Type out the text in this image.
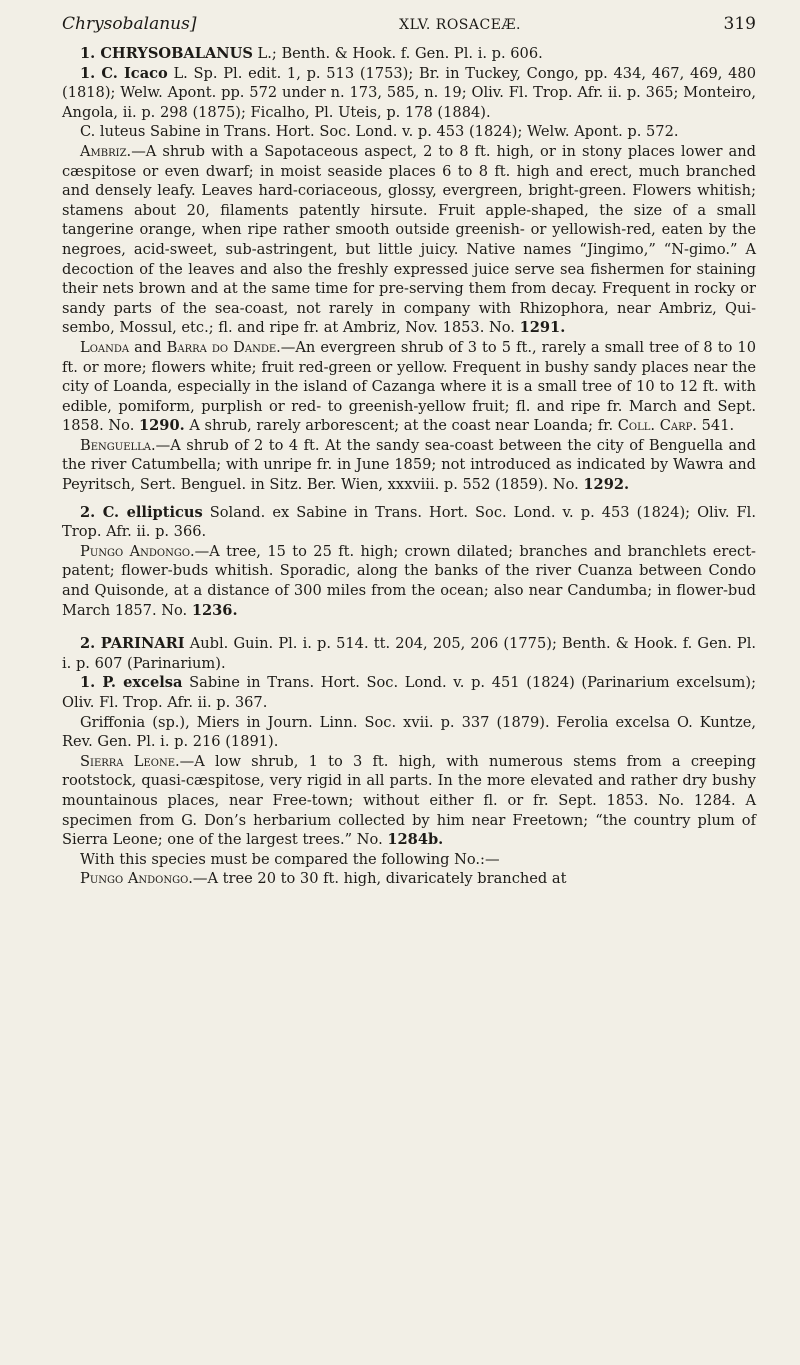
Chrysobalanus]	XLV. ROSACEÆ.	319

1. CHRYSOBALANUS L.; Benth. & Hook. f. Gen. Pl. i. p. 606.

1. C. Icaco L. Sp. Pl. edit. 1, p. 513 (1753); Br. in Tuckey, Congo, pp. 434, 467, 469, 480 (1818); Welw. Apont. pp. 572 under n. 173, 585, n. 19; Oliv. Fl. Trop. Afr. ii. p. 365; Monteiro, Angola, ii. p. 298 (1875); Ficalho, Pl. Uteis, p. 178 (1884).

C. luteus Sabine in Trans. Hort. Soc. Lond. v. p. 453 (1824); Welw. Apont. p. 572.

Ambriz.—A shrub with a Sapotaceous aspect, 2 to 8 ft. high, or in stony places lower and cæspitose or even dwarf; in moist seaside places 6 to 8 ft. high and erect, much branched and densely leafy. Leaves hard-coriaceous, glossy, evergreen, bright-green. Flowers whitish; stamens about 20, filaments patently hirsute. Fruit apple-shaped, the size of a small tangerine orange, when ripe rather smooth outside greenish- or yellowish-red, eaten by the negroes, acid-sweet, sub-astringent, but little juicy. Native names “Jingimo,” “N-gimo.” A decoction of the leaves and also the freshly expressed juice serve sea fishermen for staining their nets brown and at the same time for pre-serving them from decay. Frequent in rocky or sandy parts of the sea-coast, not rarely in company with Rhizophora, near Ambriz, Qui-sembo, Mossul, etc.; fl. and ripe fr. at Ambriz, Nov. 1853. No. 1291.

Loanda and Barra do Dande.—An evergreen shrub of 3 to 5 ft., rarely a small tree of 8 to 10 ft. or more; flowers white; fruit red-green or yellow. Frequent in bushy sandy places near the city of Loanda, especially in the island of Cazanga where it is a small tree of 10 to 12 ft. with edible, pomiform, purplish or red- to greenish-yellow fruit; fl. and ripe fr. March and Sept. 1858. No. 1290. A shrub, rarely arborescent; at the coast near Loanda; fr. Coll. Carp. 541.

Benguella.—A shrub of 2 to 4 ft. At the sandy sea-coast between the city of Benguella and the river Catumbella; with unripe fr. in June 1859; not introduced as indicated by Wawra and Peyritsch, Sert. Benguel. in Sitz. Ber. Wien, xxxviii. p. 552 (1859). No. 1292.

2. C. ellipticus Soland. ex Sabine in Trans. Hort. Soc. Lond. v. p. 453 (1824); Oliv. Fl. Trop. Afr. ii. p. 366.

Pungo Andongo.—A tree, 15 to 25 ft. high; crown dilated; branches and branchlets erect-patent; flower-buds whitish. Sporadic, along the banks of the river Cuanza between Condo and Quisonde, at a distance of 300 miles from the ocean; also near Candumba; in flower-bud March 1857. No. 1236.

2. PARINARI Aubl. Guin. Pl. i. p. 514. tt. 204, 205, 206 (1775); Benth. & Hook. f. Gen. Pl. i. p. 607 (Parinarium).

1. P. excelsa Sabine in Trans. Hort. Soc. Lond. v. p. 451 (1824) (Parinarium excelsum); Oliv. Fl. Trop. Afr. ii. p. 367.

Griffonia (sp.), Miers in Journ. Linn. Soc. xvii. p. 337 (1879). Ferolia excelsa O. Kuntze, Rev. Gen. Pl. i. p. 216 (1891).

Sierra Leone.—A low shrub, 1 to 3 ft. high, with numerous stems from a creeping rootstock, quasi-cæspitose, very rigid in all parts. In the more elevated and rather dry bushy mountainous places, near Free-town; without either fl. or fr. Sept. 1853. No. 1284. A specimen from G. Don’s herbarium collected by him near Freetown; “the country plum of Sierra Leone; one of the largest trees.” No. 1284b.

With this species must be compared the following No.:—

Pungo Andongo.—A tree 20 to 30 ft. high, divaricately branched at
